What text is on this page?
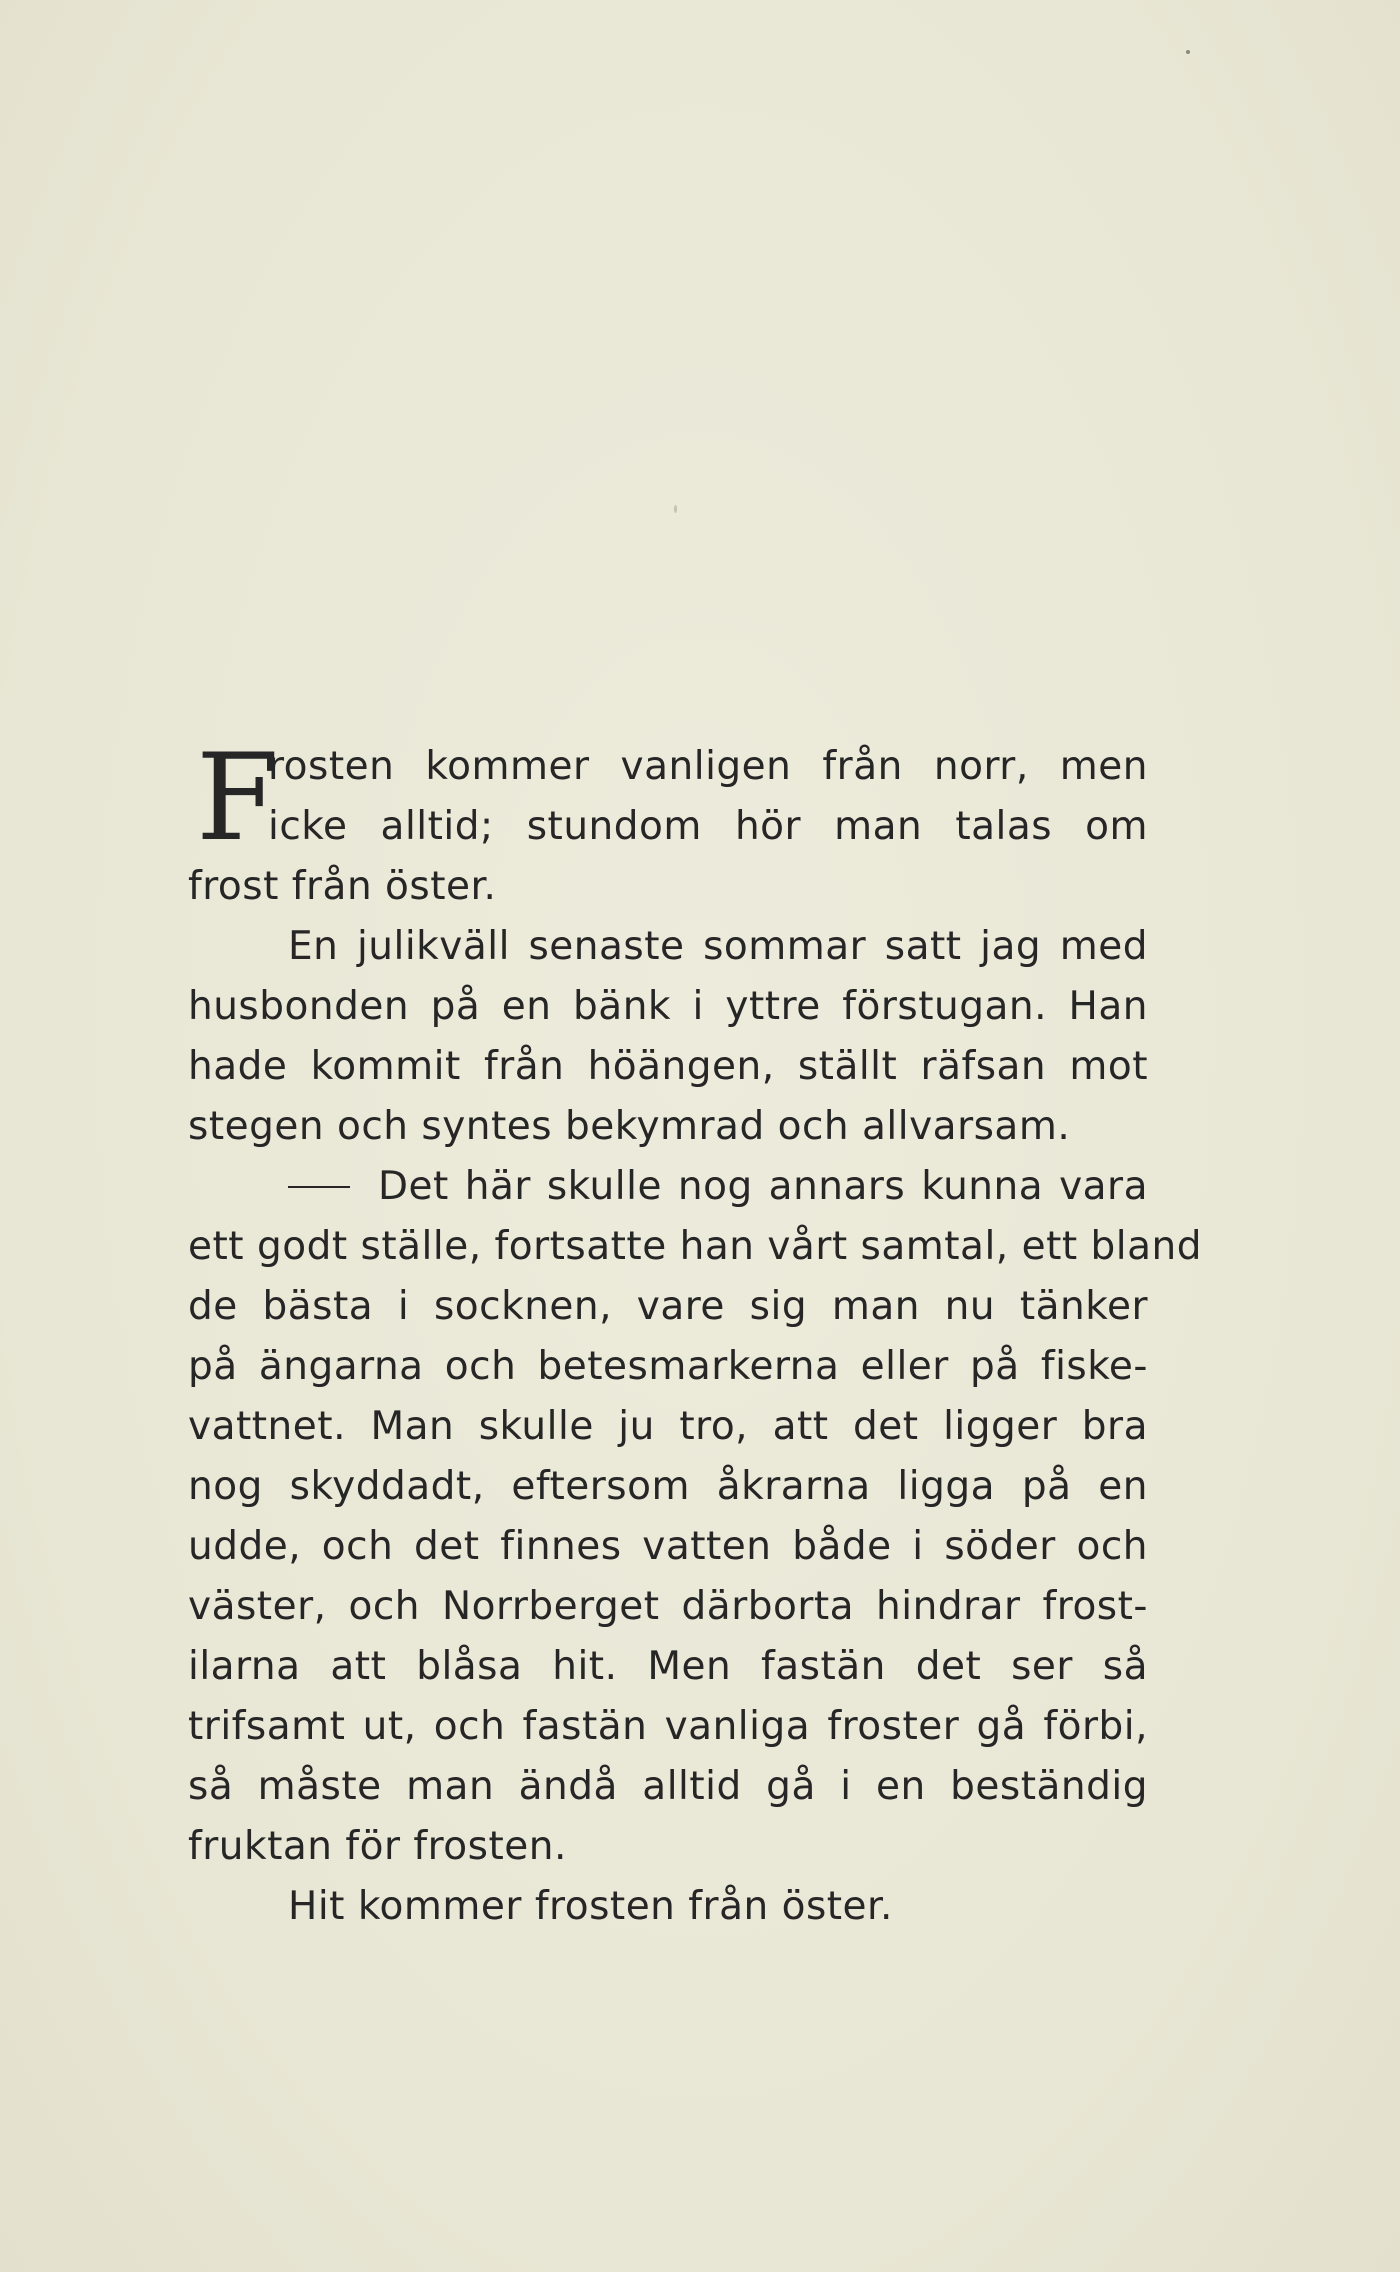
F
rosten kommer vanligen från norr, men
icke alltid; stundom hör man talas om
frost från öster.
En julikväll senaste sommar satt jag med
husbonden på en bänk i yttre förstugan. Han
hade kommit från höängen, ställt räfsan mot
stegen och syntes bekymrad och allvarsam.
Det här skulle nog annars kunna vara
ett godt ställe, fortsatte han vårt samtal, ett bland
de bästa i socknen, vare sig man nu tänker
på ängarna och betesmarkerna eller på fiske-
vattnet. Man skulle ju tro, att det ligger bra
nog skyddadt, eftersom åkrarna ligga på en
udde, och det finnes vatten både i söder och
väster, och Norrberget därborta hindrar frost-
ilarna att blåsa hit. Men fastän det ser så
trifsamt ut, och fastän vanliga froster gå förbi,
så måste man ändå alltid gå i en beständig
fruktan för frosten.
Hit kommer frosten från öster.
